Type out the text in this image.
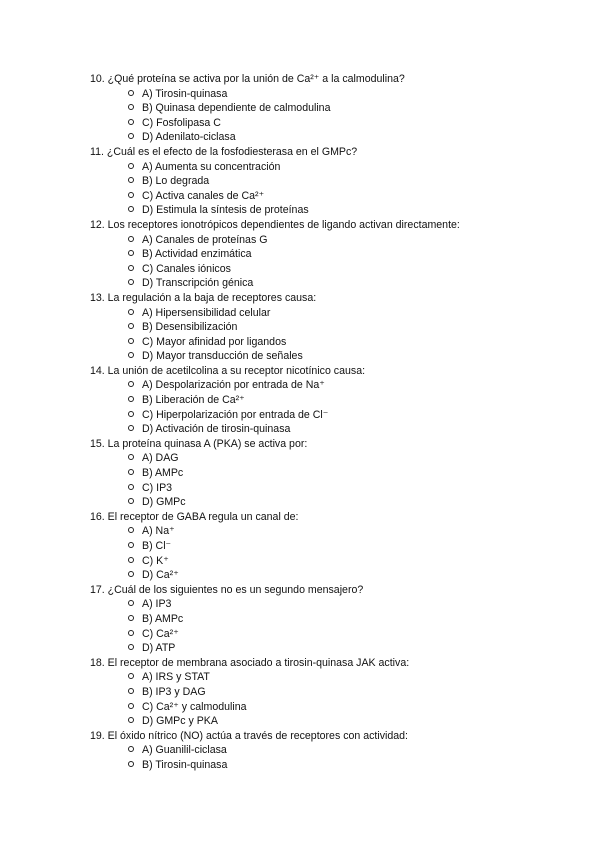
10. ¿Qué proteína se activa por la unión de Ca²⁺ a la calmodulina?
A) Tirosin-quinasa
B) Quinasa dependiente de calmodulina
C) Fosfolipasa C
D) Adenilato-ciclasa
11. ¿Cuál es el efecto de la fosfodiesterasa en el GMPc?
A) Aumenta su concentración
B) Lo degrada
C) Activa canales de Ca²⁺
D) Estimula la síntesis de proteínas
12. Los receptores ionotrópicos dependientes de ligando activan directamente:
A) Canales de proteínas G
B) Actividad enzimática
C) Canales iónicos
D) Transcripción génica
13. La regulación a la baja de receptores causa:
A) Hipersensibilidad celular
B) Desensibilización
C) Mayor afinidad por ligandos
D) Mayor transducción de señales
14. La unión de acetilcolina a su receptor nicotínico causa:
A) Despolarización por entrada de Na⁺
B) Liberación de Ca²⁺
C) Hiperpolarización por entrada de Cl⁻
D) Activación de tirosin-quinasa
15. La proteína quinasa A (PKA) se activa por:
A) DAG
B) AMPc
C) IP3
D) GMPc
16. El receptor de GABA regula un canal de:
A) Na⁺
B) Cl⁻
C) K⁺
D) Ca²⁺
17. ¿Cuál de los siguientes no es un segundo mensajero?
A) IP3
B) AMPc
C) Ca²⁺
D) ATP
18. El receptor de membrana asociado a tirosin-quinasa JAK activa:
A) IRS y STAT
B) IP3 y DAG
C) Ca²⁺ y calmodulina
D) GMPc y PKA
19. El óxido nítrico (NO) actúa a través de receptores con actividad:
A) Guanilil-ciclasa
B) Tirosin-quinasa
